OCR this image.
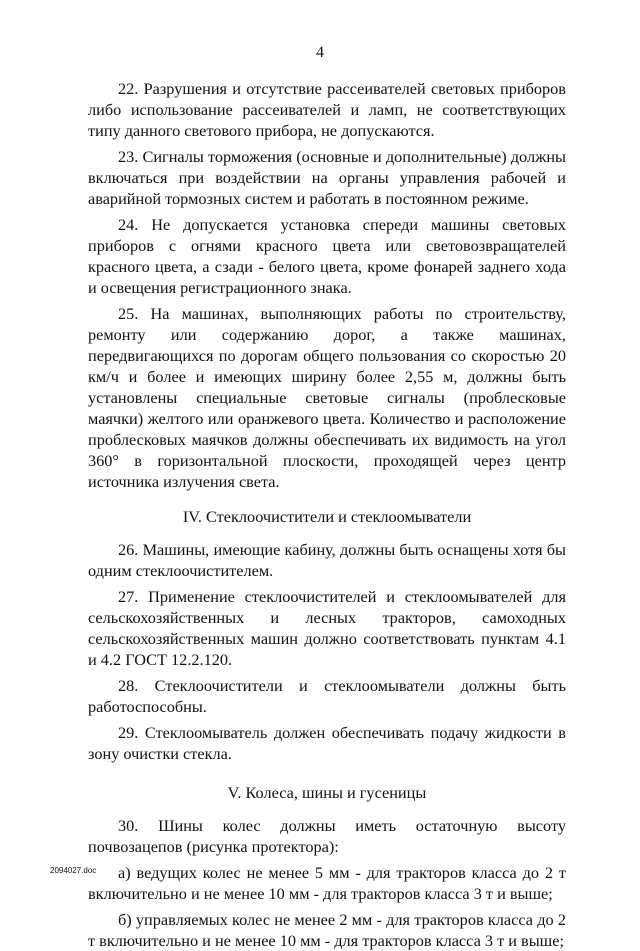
4

22. Разрушения и отсутствие рассеивателей световых приборов либо использование рассеивателей и ламп, не соответствующих типу данного светового прибора, не допускаются.

23. Сигналы торможения (основные и дополнительные) должны включаться при воздействии на органы управления рабочей и аварийной тормозных систем и работать в постоянном режиме.

24. Не допускается установка спереди машины световых приборов с огнями красного цвета или световозвращателей красного цвета, а сзади - белого цвета, кроме фонарей заднего хода и освещения регистрационного знака.

25. На машинах, выполняющих работы по строительству, ремонту или содержанию дорог, а также машинах, передвигающихся по дорогам общего пользования со скоростью 20 км/ч и более и имеющих ширину более 2,55 м, должны быть установлены специальные световые сигналы (проблесковые маячки) желтого или оранжевого цвета. Количество и расположение проблесковых маячков должны обеспечивать их видимость на угол 360° в горизонтальной плоскости, проходящей через центр источника излучения света.

IV. Стеклоочистители и стеклоомыватели

26. Машины, имеющие кабину, должны быть оснащены хотя бы одним стеклоочистителем.

27. Применение стеклоочистителей и стеклоомывателей для сельскохозяйственных и лесных тракторов, самоходных сельскохозяйственных машин должно соответствовать пунктам 4.1 и 4.2 ГОСТ 12.2.120.

28. Стеклоочистители и стеклоомыватели должны быть работоспособны.

29. Стеклоомыватель должен обеспечивать подачу жидкости в зону очистки стекла.

V. Колеса, шины и гусеницы

30. Шины колес должны иметь остаточную высоту почвозацепов (рисунка протектора):

а) ведущих колес не менее 5 мм - для тракторов класса до 2 т включительно и не менее 10 мм - для тракторов класса 3 т и выше;

б) управляемых колес не менее 2 мм - для тракторов класса до 2 т включительно и не менее 10 мм - для тракторов класса 3 т и выше;

2094027.doc
